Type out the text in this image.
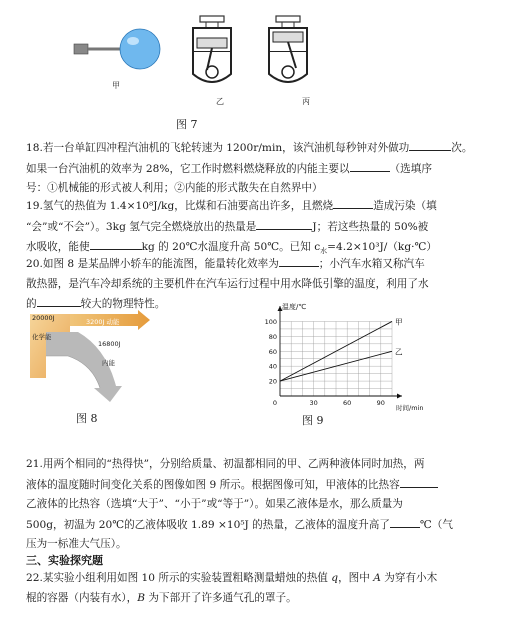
甲
乙	丙
图 7
18.若一台单缸四冲程汽油机的飞轮转速为 1200r/min，该汽油机每秒钟对外做功	次。
如果一台汽油机的效率为 28%，它工作时燃料燃烧释放的内能主要以	（选填序
号：①机械能的形式被人利用；②内能的形式散失在自然界中）
19.氢气的热值为 1.4×10⁸J/kg，比煤和石油要高出许多，且燃烧	造成污染（填
“会”或“不会”）。3kg 氢气完全燃烧放出的热量是	J；若这些热量的 50%被
水吸收，能使	kg 的 20℃水温度升高 50℃。已知 $c_水=4.2\times 10^3J/(kg\cdot℃)$
20.如图 8 是某品牌小轿车的能流图，能量转化效率为	；小汽车水箱又称汽车
散热器，是汽车冷却系统的主要机件在汽车运行过程中用水降低引擎的温度，利用了水
的	较大的物理特性。
20000J
化学能
3200J 动能
16800J
内能
图 8
20
40
60
80
100
30	60	90
0
温度/℃
时间/min
甲
乙
图 9
21.用两个相同的“热得快”，分别给质量、初温都相同的甲、乙两种液体同时加热，两
液体的温度随时间变化关系的图像如图 9 所示。根据图像可知，甲液体的比热容
乙液体的比热容（选填“大于”、“小于”或“等于”）。如果乙液体是水，那么质量为
500g，初温为 20℃的乙液体吸收 1.89 ×10⁵J 的热量，乙液体的温度升高了	℃（气
压为一标准大气压）。
三、实验探究题
22.某实验小组利用如图 10 所示的实验装置粗略测量蜡烛的热值 q，图中 A 为穿有小木
棍的容器（内装有水），B 为下部开了许多通气孔的罩子。
